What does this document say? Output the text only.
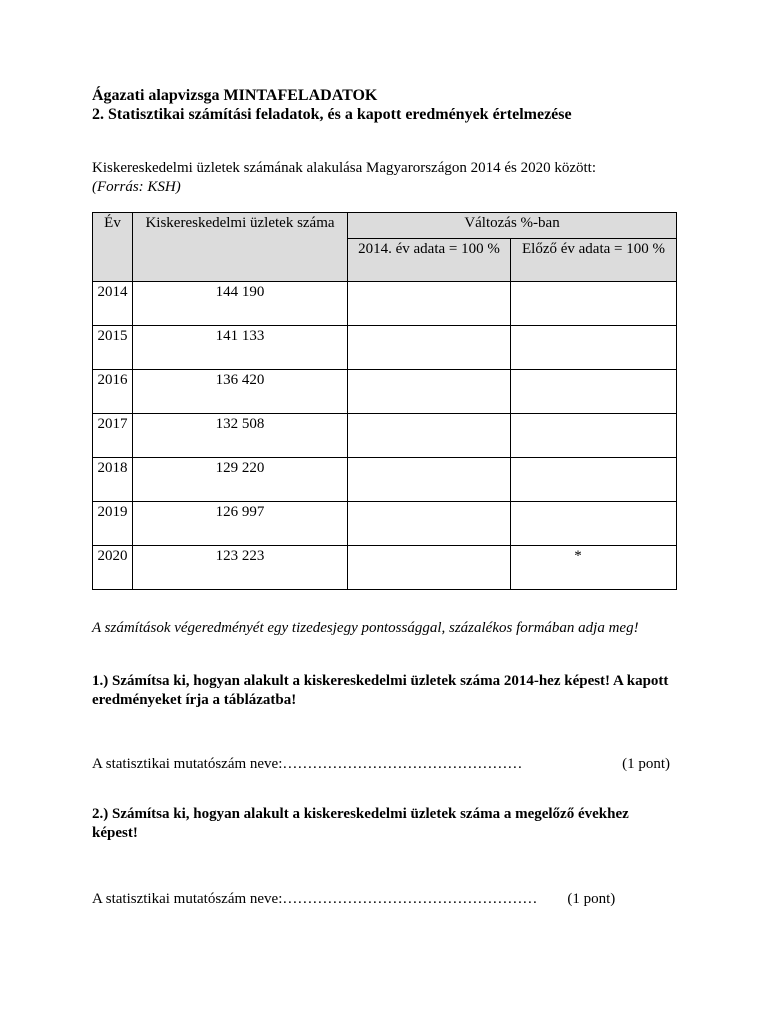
Ágazati alapvizsga MINTAFELADATOK
2. Statisztikai számítási feladatok, és a kapott eredmények értelmezése
Kiskereskedelmi üzletek számának alakulása Magyarországon 2014 és 2020 között:
(Forrás: KSH)
Év	Kiskereskedelmi üzletek száma	Változás %-ban	
		2014. év adata = 100 %	Előző év adata = 100 %
2014	144 190		
2015	141 133		
2016	136 420		
2017	132 508		
2018	129 220		
2019	126 997		
2020	123 223		*
A számítások végeredményét egy tizedesjegy pontossággal, százalékos formában adja meg!
1.) Számítsa ki, hogyan alakult a kiskereskedelmi üzletek száma 2014-hez képest! A kapott eredményeket írja a táblázatba!
A statisztikai mutatószám neve:…………………………………………	(1 pont)
2.) Számítsa ki, hogyan alakult a kiskereskedelmi üzletek száma a megelőző évekhez képest!
A statisztikai mutatószám neve:…………………………………………… (1 pont)
